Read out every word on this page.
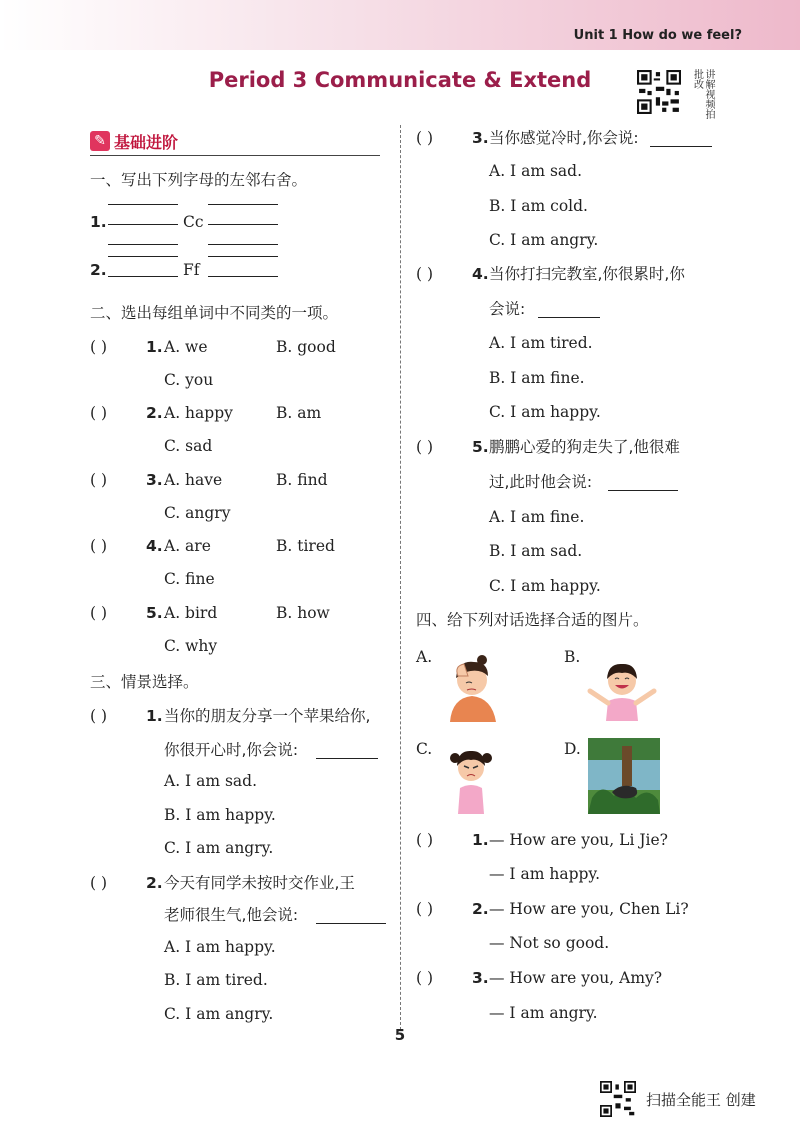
Unit 1 How do we feel?
Period 3 Communicate & Extend	讲解视频拍批改
✎ 基础进阶
一、写出下列字母的左邻右舍。
1.	Cc
2.	Ff
二、选出每组单词中不同类的一项。
( )	1. A. we	B. good
C. you
( )	2. A. happy	B. am
C. sad
( )	3. A. have	B. find
C. angry
( )	4. A. are	B. tired
C. fine
( )	5. A. bird	B. how
C. why
三、情景选择。
( )	1. 当你的朋友分享一个苹果给你,
你很开心时,你会说:
A. I am sad.
B. I am happy.
C. I am angry.
( )	2. 今天有同学未按时交作业,王
老师很生气,他会说:
A. I am happy.
B. I am tired.
C. I am angry.
( )	3. 当你感觉冷时,你会说:
A. I am sad.
B. I am cold.
C. I am angry.
( )	4. 当你打扫完教室,你很累时,你
会说:
A. I am tired.
B. I am fine.
C. I am happy.
( )	5. 鹏鹏心爱的狗走失了,他很难
过,此时他会说:
A. I am fine.
B. I am sad.
C. I am happy.
四、给下列对话选择合适的图片。
A.	B.
C.	D.
( )	1. — How are you, Li Jie?
— I am happy.
( )	2. — How are you, Chen Li?
— Not so good.
( )	3. — How are you, Amy?
— I am angry.
5
扫描全能王 创建
